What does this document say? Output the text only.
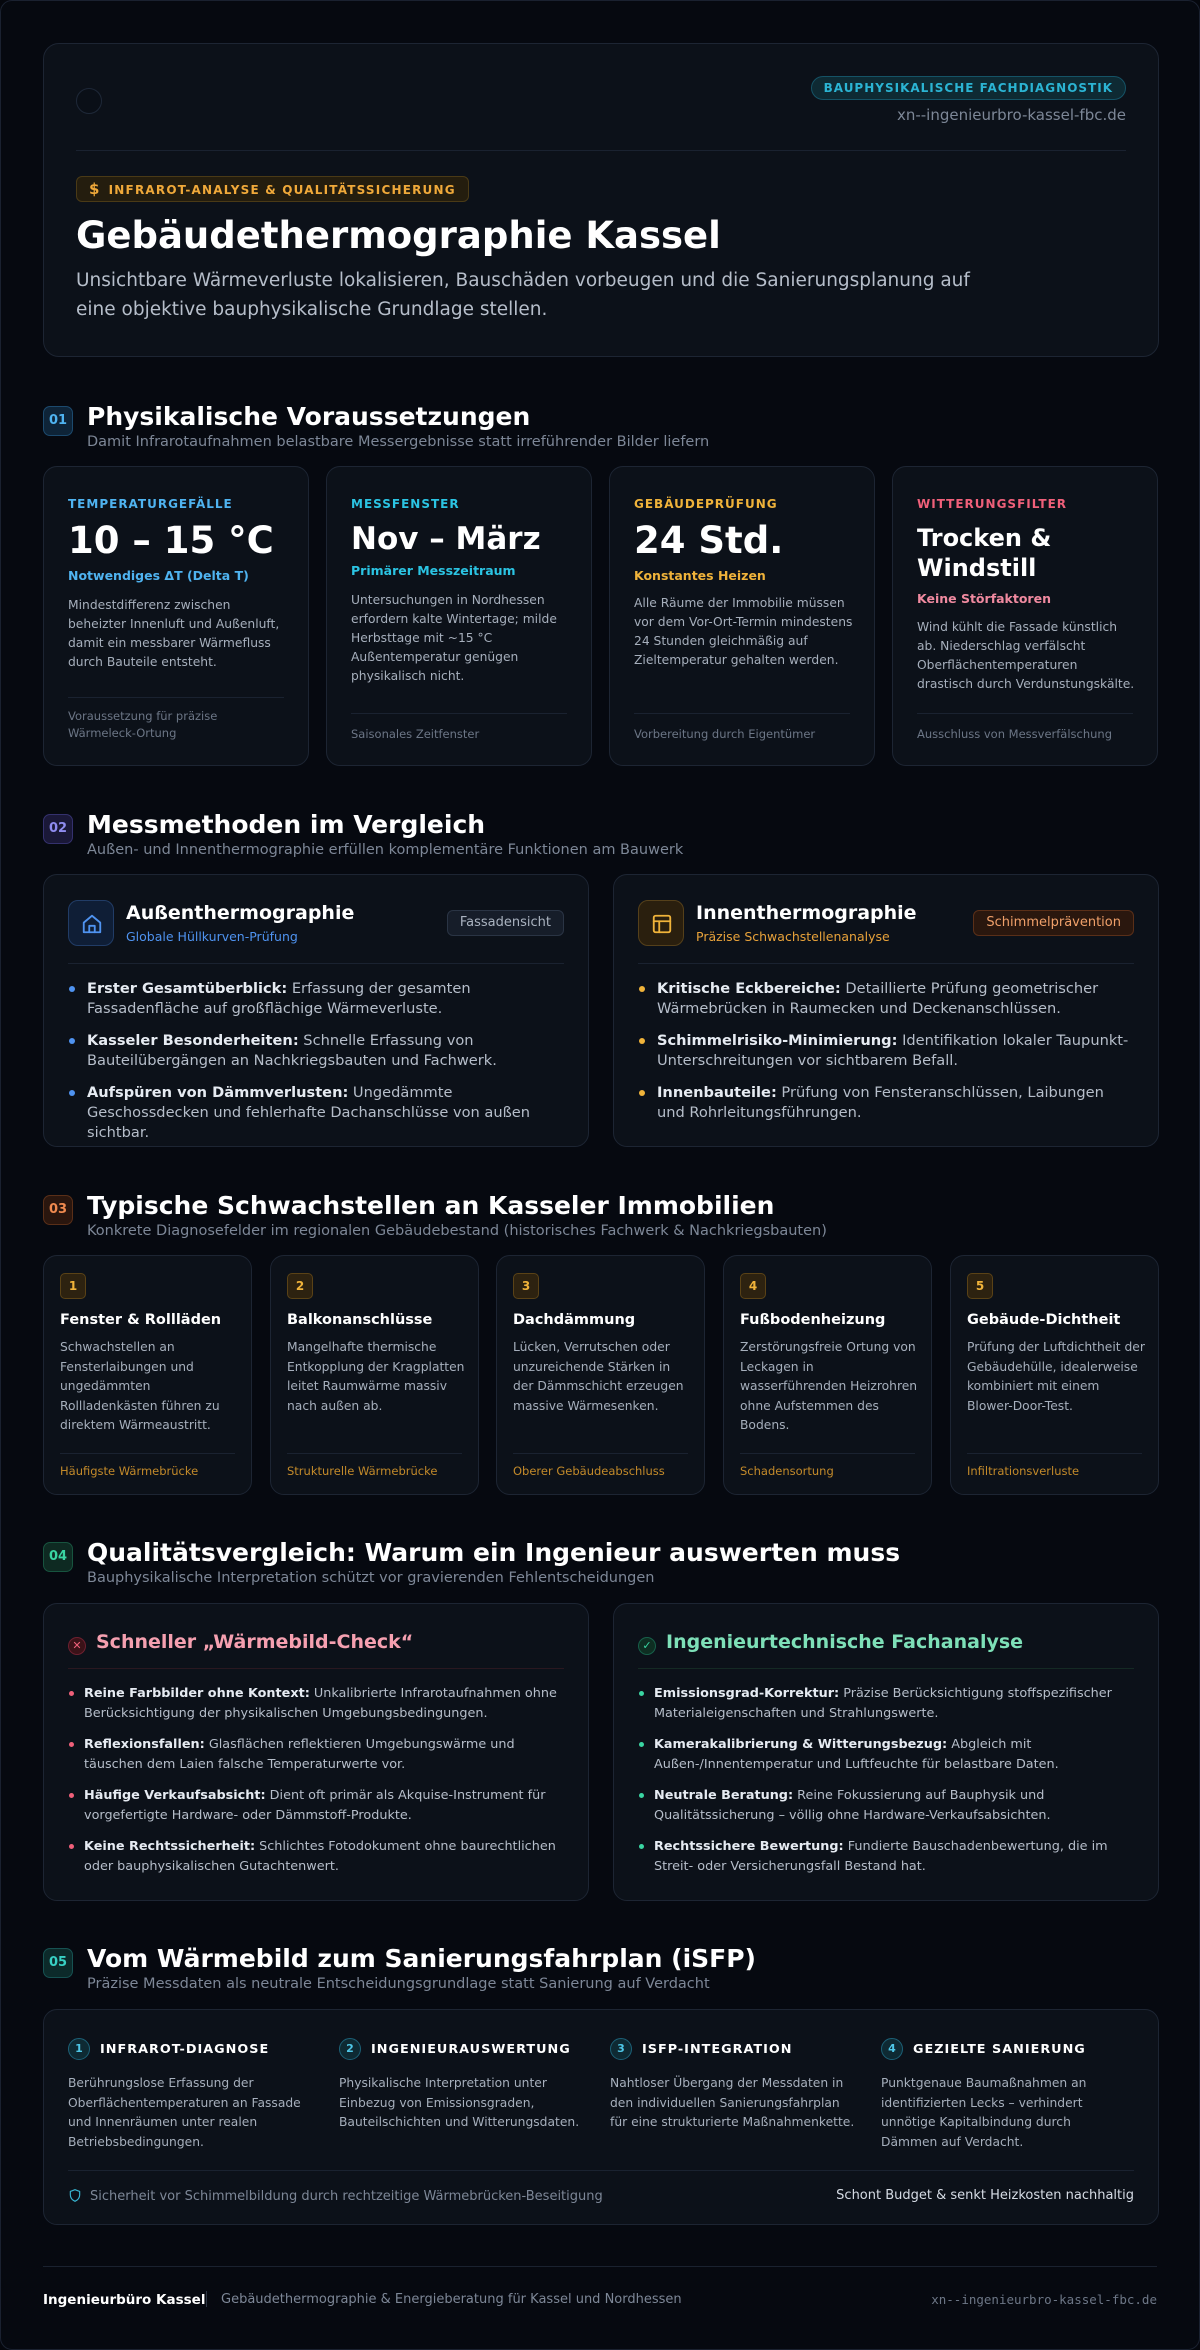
BAUPHYSIKALISCHE FACHDIAGNOSTIK
xn--ingenieurbro-kassel-fbc.de
$ INFRAROT-ANALYSE & QUALITÄTSSICHERUNG
Gebäudethermographie Kassel

Unsichtbare Wärmeverluste lokalisieren, Bauschäden vorbeugen und die Sanierungsplanung auf eine objektive bauphysikalische Grundlage stellen.

01 Physikalische Voraussetzungen
Damit Infrarotaufnahmen belastbare Messergebnisse statt irreführender Bilder liefern
TEMPERATURGEFÄLLE
10 – 15 °C
Notwendiges ΔT (Delta T)
Mindestdifferenz zwischen beheizter Innenluft und Außenluft, damit ein messbarer Wärmefluss durch Bauteile entsteht.
Voraussetzung für präzise Wärmeleck-Ortung
MESSFENSTER
Nov – März
Primärer Messzeitraum
Untersuchungen in Nordhessen erfordern kalte Wintertage; milde Herbsttage mit ~15 °C Außentemperatur genügen physikalisch nicht.
Saisonales Zeitfenster
GEBÄUDEPRÜFUNG
24 Std.
Konstantes Heizen
Alle Räume der Immobilie müssen vor dem Vor-Ort-Termin mindestens 24 Stunden gleichmäßig auf Zieltemperatur gehalten werden.
Vorbereitung durch Eigentümer
WITTERUNGSFILTER
Trocken & Windstill
Keine Störfaktoren
Wind kühlt die Fassade künstlich ab. Niederschlag verfälscht Oberflächentemperaturen drastisch durch Verdunstungskälte.
Ausschluss von Messverfälschung
02 Messmethoden im Vergleich
Außen- und Innenthermographie erfüllen komplementäre Funktionen am Bauwerk
Außenthermographie
Globale Hüllkurven-Prüfung
Fassadensicht
Erster Gesamtüberblick: Erfassung der gesamten Fassadenfläche auf großflächige Wärmeverluste.
Kasseler Besonderheiten: Schnelle Erfassung von Bauteilübergängen an Nachkriegsbauten und Fachwerk.
Aufspüren von Dämmverlusten: Ungedämmte Geschossdecken und fehlerhafte Dachanschlüsse von außen sichtbar.
Innenthermographie
Präzise Schwachstellenanalyse
Schimmelprävention
Kritische Eckbereiche: Detaillierte Prüfung geometrischer Wärmebrücken in Raumecken und Deckenanschlüssen.
Schimmelrisiko-Minimierung: Identifikation lokaler Taupunkt-Unterschreitungen vor sichtbarem Befall.
Innenbauteile: Prüfung von Fensteranschlüssen, Laibungen und Rohrleitungsführungen.
03 Typische Schwachstellen an Kasseler Immobilien
Konkrete Diagnosefelder im regionalen Gebäudebestand (historisches Fachwerk & Nachkriegsbauten)
1
Fenster & Rollläden
Schwachstellen an Fensterlaibungen und ungedämmten Rollladenkästen führen zu direktem Wärmeaustritt.
Häufigste Wärmebrücke
2
Balkonanschlüsse
Mangelhafte thermische Entkopplung der Kragplatten leitet Raumwärme massiv nach außen ab.
Strukturelle Wärmebrücke
3
Dachdämmung
Lücken, Verrutschen oder unzureichende Stärken in der Dämmschicht erzeugen massive Wärmesenken.
Oberer Gebäudeabschluss
4
Fußbodenheizung
Zerstörungsfreie Ortung von Leckagen in wasserführenden Heizrohren ohne Aufstemmen des Bodens.
Schadensortung
5
Gebäude-Dichtheit
Prüfung der Luftdichtheit der Gebäudehülle, idealerweise kombiniert mit einem Blower-Door-Test.
Infiltrationsverluste
04 Qualitätsvergleich: Warum ein Ingenieur auswerten muss
Bauphysikalische Interpretation schützt vor gravierenden Fehlentscheidungen
✕ Schneller „Wärmebild-Check“
Reine Farbbilder ohne Kontext: Unkalibrierte Infrarotaufnahmen ohne Berücksichtigung der physikalischen Umgebungsbedingungen.
Reflexionsfallen: Glasflächen reflektieren Umgebungswärme und täuschen dem Laien falsche Temperaturwerte vor.
Häufige Verkaufsabsicht: Dient oft primär als Akquise-Instrument für vorgefertigte Hardware- oder Dämmstoff-Produkte.
Keine Rechtssicherheit: Schlichtes Fotodokument ohne baurechtlichen oder bauphysikalischen Gutachtenwert.
✓ Ingenieurtechnische Fachanalyse
Emissionsgrad-Korrektur: Präzise Berücksichtigung stoffspezifischer Materialeigenschaften und Strahlungswerte.
Kamerakalibrierung & Witterungsbezug: Abgleich mit Außen-/Innentemperatur und Luftfeuchte für belastbare Daten.
Neutrale Beratung: Reine Fokussierung auf Bauphysik und Qualitätssicherung – völlig ohne Hardware-Verkaufsabsichten.
Rechtssichere Bewertung: Fundierte Bauschadenbewertung, die im Streit- oder Versicherungsfall Bestand hat.
05 Vom Wärmebild zum Sanierungsfahrplan (iSFP)
Präzise Messdaten als neutrale Entscheidungsgrundlage statt Sanierung auf Verdacht
1	INFRAROT-DIAGNOSE
Berührungslose Erfassung der Oberflächentemperaturen an Fassade und Innenräumen unter realen Betriebsbedingungen.
2	INGENIEURAUSWERTUNG
Physikalische Interpretation unter Einbezug von Emissionsgraden, Bauteilschichten und Witterungsdaten.
3	ISFP-INTEGRATION
Nahtloser Übergang der Messdaten in den individuellen Sanierungsfahrplan für eine strukturierte Maßnahmenkette.
4	GEZIELTE SANIERUNG
Punktgenaue Baumaßnahmen an identifizierten Lecks – verhindert unnötige Kapitalbindung durch Dämmen auf Verdacht.
Sicherheit vor Schimmelbildung durch rechtzeitige Wärmebrücken-Beseitigung	Schont Budget & senkt Heizkosten nachhaltig
Ingenieurbüro Kassel Gebäudethermographie & Energieberatung für Kassel und Nordhessen	xn--ingenieurbro-kassel-fbc.de
